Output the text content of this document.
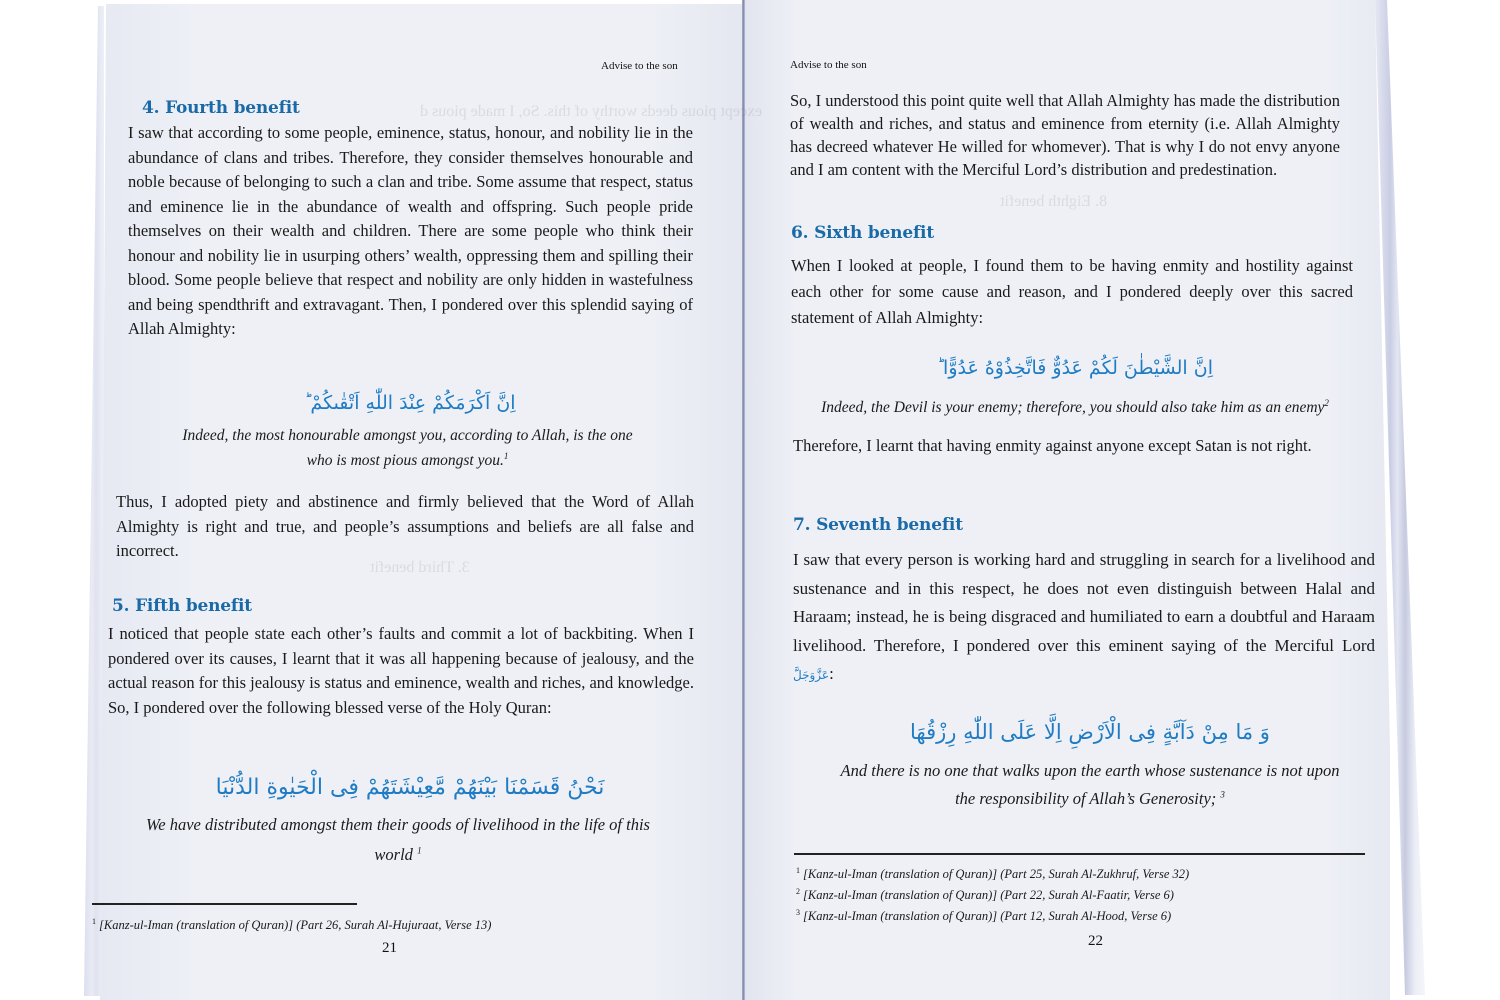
Advise to the son
4. Fourth benefit

I saw that according to some people, eminence, status, honour, and nobility lie in the abundance of clans and tribes. Therefore, they consider themselves honourable and noble because of belonging to such a clan and tribe. Some assume that respect, status and eminence lie in the abundance of wealth and offspring. Such people pride themselves on their wealth and children. There are some people who think their honour and nobility lie in usurping others’ wealth, oppressing them and spilling their blood. Some people believe that respect and nobility are only hidden in wastefulness and being spendthrift and extravagant. Then, I pondered over this splendid saying of Allah Almighty:

اِنَّ اَكْرَمَكُمْ عِنْدَ اللّٰهِ اَتْقٰىكُمْ ؕ

Indeed, the most honourable amongst you, according to Allah, is the one
who is most pious amongst you.$^1$

Thus, I adopted piety and abstinence and firmly believed that the Word of Allah Almighty is right and true, and people’s assumptions and beliefs are all false and incorrect.

5. Fifth benefit

I noticed that people state each other’s faults and commit a lot of backbiting. When I pondered over its causes, I learnt that it was all happening because of jealousy, and the actual reason for this jealousy is status and eminence, wealth and riches, and knowledge. So, I pondered over the following blessed verse of the Holy Quran:

نَحْنُ قَسَمْنَا بَیْنَهُمْ مَّعِیْشَتَهُمْ فِی الْحَیٰوةِ الدُّنْیَا

We have distributed amongst them their goods of livelihood in the life of this
world $^1$

$^1$ [Kanz-ul-Iman (translation of Quran)] (Part 26, Surah Al-Hujuraat, Verse 13)
21
Advise to the son

So, I understood this point quite well that Allah Almighty has made the distribution of wealth and riches, and status and eminence from eternity (i.e. Allah Almighty has decreed whatever He willed for whomever). That is why I do not envy anyone and I am content with the Merciful Lord’s distribution and predestination.

6. Sixth benefit

When I looked at people, I found them to be having enmity and hostility against each other for some cause and reason, and I pondered deeply over this sacred statement of Allah Almighty:

اِنَّ الشَّیْطٰنَ لَكُمْ عَدُوٌّ فَاتَّخِذُوْهُ عَدُوًّا ؕ
Indeed, the Devil is your enemy; therefore, you should also take him as an enemy$^2$

Therefore, I learnt that having enmity against anyone except Satan is not right.

7. Seventh benefit

I saw that every person is working hard and struggling in search for a livelihood and sustenance and in this respect, he does not even distinguish between Halal and Haraam; instead, he is being disgraced and humiliated to earn a doubtful and Haraam livelihood. Therefore, I pondered over this eminent saying of the Merciful Lord عَزَّوَجَلَّ:

وَ مَا مِنْ دَآبَّةٍ فِی الْاَرْضِ اِلَّا عَلَى اللّٰهِ رِزْقُهَا

And there is no one that walks upon the earth whose sustenance is not upon
the responsibility of Allah’s Generosity; $^3$

$^1$ [Kanz-ul-Iman (translation of Quran)] (Part 25, Surah Al-Zukhruf, Verse 32)
$^2$ [Kanz-ul-Iman (translation of Quran)] (Part 22, Surah Al-Faatir, Verse 6)
$^3$ [Kanz-ul-Iman (translation of Quran)] (Part 12, Surah Al-Hood, Verse 6)
22
